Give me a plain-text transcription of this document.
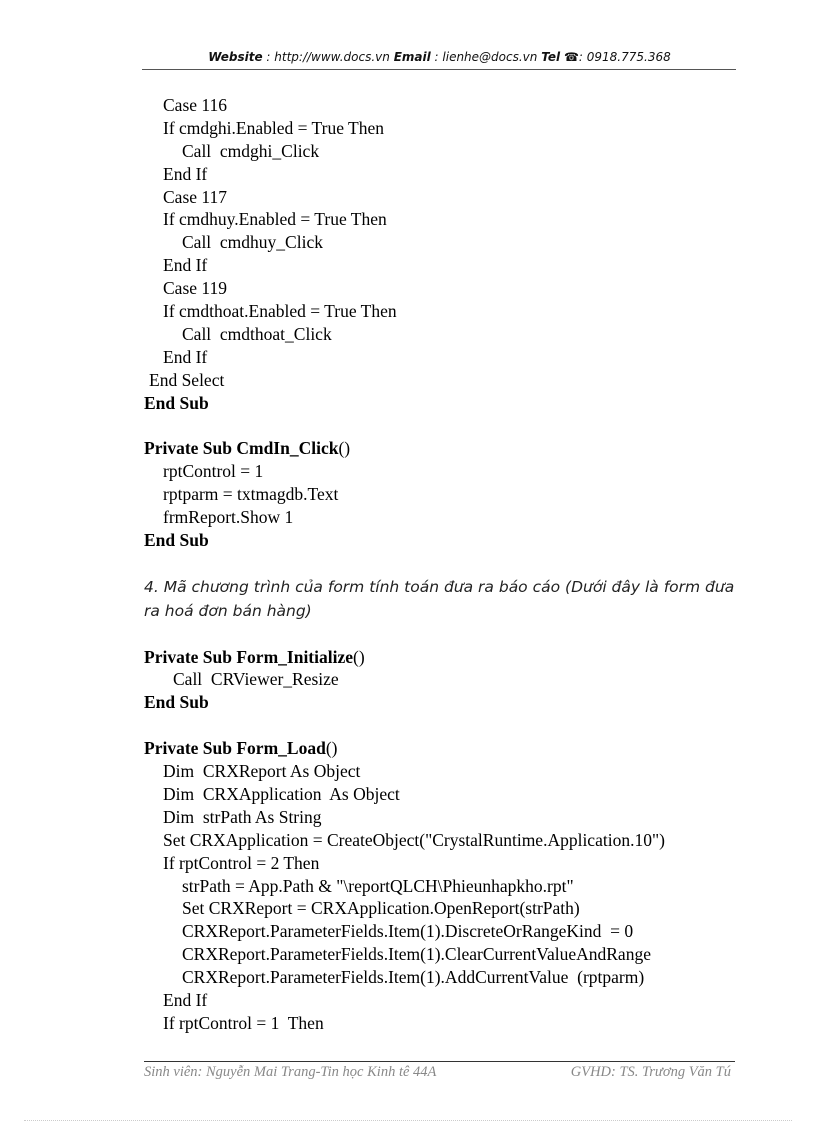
Website : http://www.docs.vn Email : lienhe@docs.vn Tel ☎: 0918.775.368
Case 116
If cmdghi.Enabled = True Then
Call  cmdghi_Click
End If
Case 117
If cmdhuy.Enabled = True Then
Call  cmdhuy_Click
End If
Case 119
If cmdthoat.Enabled = True Then
Call  cmdthoat_Click
End If
End Select
End Sub
Private Sub CmdIn_Click()
rptControl = 1
rptparm = txtmagdb.Text
frmReport.Show 1
End Sub
4. Mã chương trình của form tính toán đưa ra báo cáo (Dưới đây là form đưa ra hoá đơn bán hàng)
Private Sub Form_Initialize()
Call  CRViewer_Resize
End Sub
Private Sub Form_Load()
Dim  CRXReport As Object
Dim  CRXApplication  As Object
Dim  strPath As String
Set CRXApplication = CreateObject("CrystalRuntime.Application.10")
If rptControl = 2 Then
strPath = App.Path & "\reportQLCH\Phieunhapkho.rpt"
Set CRXReport = CRXApplication.OpenReport(strPath)
CRXReport.ParameterFields.Item(1).DiscreteOrRangeKind  = 0
CRXReport.ParameterFields.Item(1).ClearCurrentValueAndRange
CRXReport.ParameterFields.Item(1).AddCurrentValue  (rptparm)
End If
If rptControl = 1  Then
Sinh viên: Nguyễn Mai Trang-Tin học Kinh tê 44A	GVHD: TS. Trương Văn Tú
